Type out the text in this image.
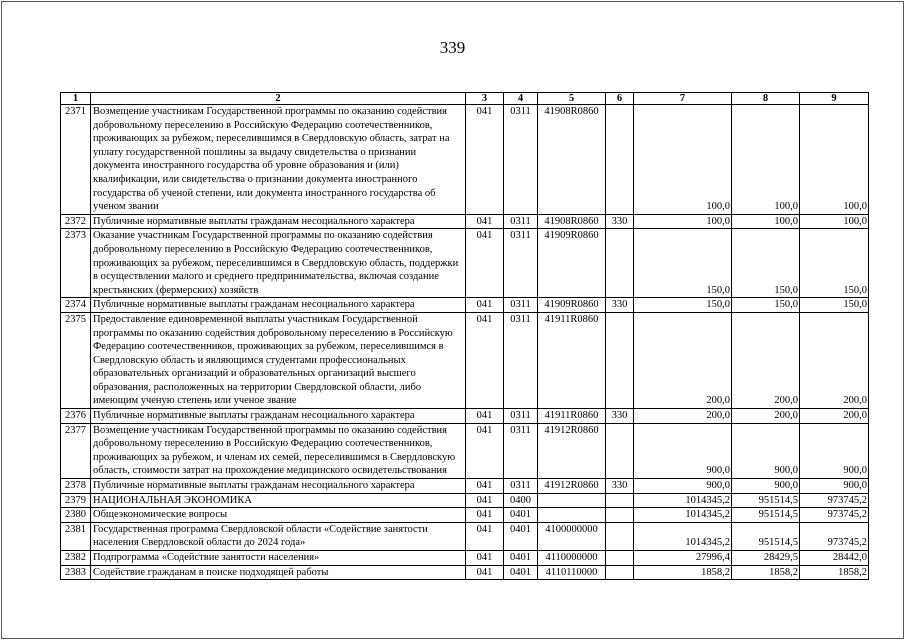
339
1	2	3	4	5	6	7	8	9
2371	Возмещение участникам Государственной программы по оказанию содействия добровольному переселению в Российскую Федерацию соотечественников, проживающих за рубежом, переселившимся в Свердловскую область, затрат на уплату государственной пошлины за выдачу свидетельства о признании документа иностранного государства об уровне образования и (или) квалификации, или свидетельства о признании документа иностранного государства об ученой степени, или документа иностранного государства об ученом звании	041	0311	41908R0860		100,0	100,0	100,0
2372	Публичные нормативные выплаты гражданам несоциального характера	041	0311	41908R0860	330	100,0	100,0	100,0
2373	Оказание участникам Государственной программы по оказанию содействия добровольному переселению в Российскую Федерацию соотечественников, проживающих за рубежом, переселившимся в Свердловскую область, поддержки в осуществлении малого и среднего предпринимательства, включая создание крестьянских (фермерских) хозяйств	041	0311	41909R0860		150,0	150,0	150,0
2374	Публичные нормативные выплаты гражданам несоциального характера	041	0311	41909R0860	330	150,0	150,0	150,0
2375	Предоставление единовременной выплаты участникам Государственной программы по оказанию содействия добровольному переселению в Российскую Федерацию соотечественников, проживающих за рубежом, переселившимся в Свердловскую область и являющимся студентами профессиональных образовательных организаций и образовательных организаций высшего образования, расположенных на территории Свердловской области, либо имеющим ученую степень или ученое звание	041	0311	41911R0860		200,0	200,0	200,0
2376	Публичные нормативные выплаты гражданам несоциального характера	041	0311	41911R0860	330	200,0	200,0	200,0
2377	Возмещение участникам Государственной программы по оказанию содействия добровольному переселению в Российскую Федерацию соотечественников, проживающих за рубежом, и членам их семей, переселившимся в Свердловскую область, стоимости затрат на прохождение медицинского освидетельствования	041	0311	41912R0860		900,0	900,0	900,0
2378	Публичные нормативные выплаты гражданам несоциального характера	041	0311	41912R0860	330	900,0	900,0	900,0
2379	НАЦИОНАЛЬНАЯ ЭКОНОМИКА	041	0400			1014345,2	951514,5	973745,2
2380	Общеэкономические вопросы	041	0401			1014345,2	951514,5	973745,2
2381	Государственная программа Свердловской области «Содействие занятости населения Свердловской области до 2024 года»	041	0401	4100000000		1014345,2	951514,5	973745,2
2382	Подпрограмма «Содействие занятости населения»	041	0401	4110000000		27996,4	28429,5	28442,0
2383	Содействие гражданам в поиске подходящей работы	041	0401	4110110000		1858,2	1858,2	1858,2
